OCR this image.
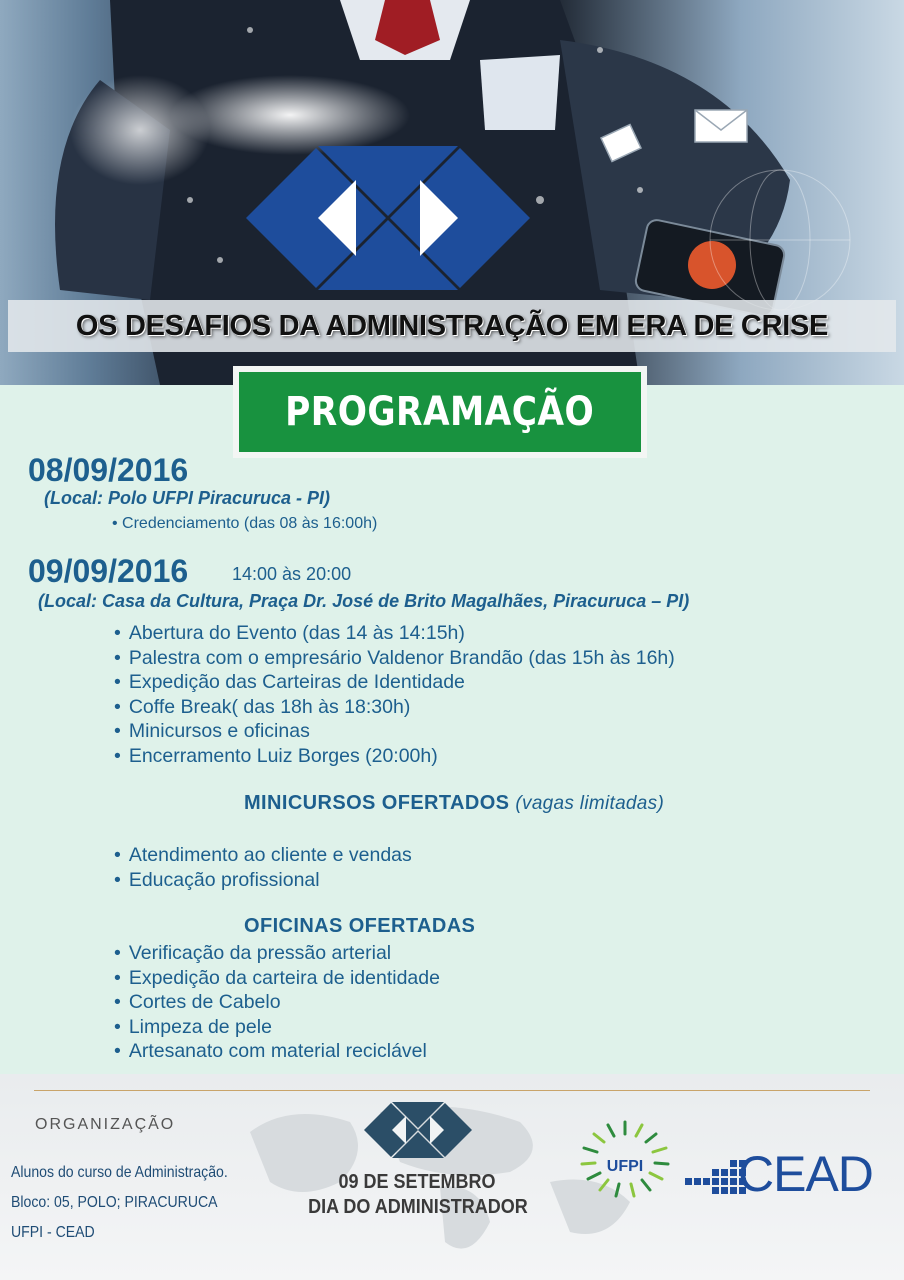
OS DESAFIOS DA ADMINISTRAÇÃO EM ERA DE CRISE
PROGRAMAÇÃO
08/09/2016
(Local: Polo UFPI Piracuruca - PI)
• Credenciamento (das 08 às 16:00h)
09/09/2016 14:00 às 20:00
(Local: Casa da Cultura, Praça Dr. José de Brito Magalhães, Piracuruca – PI)
• Abertura do Evento (das 14 às 14:15h)
• Palestra com o empresário Valdenor Brandão (das 15h às 16h)
• Expedição das Carteiras de Identidade
• Coffe Break( das 18h às 18:30h)
• Minicursos e oficinas
• Encerramento Luiz Borges (20:00h)
MINICURSOS OFERTADOS (vagas limitadas)
• Atendimento ao cliente e vendas
• Educação profissional
OFICINAS OFERTADAS
• Verificação da pressão arterial
• Expedição da carteira de identidade
• Cortes de Cabelo
• Limpeza de pele
• Artesanato com material reciclável
ORGANIZAÇÃO
Alunos do curso de Administração.
Bloco: 05, POLO; PIRACURUCA
UFPI - CEAD
09 DE SETEMBRO
DIA DO ADMINISTRADOR
UFPI	CEAD
